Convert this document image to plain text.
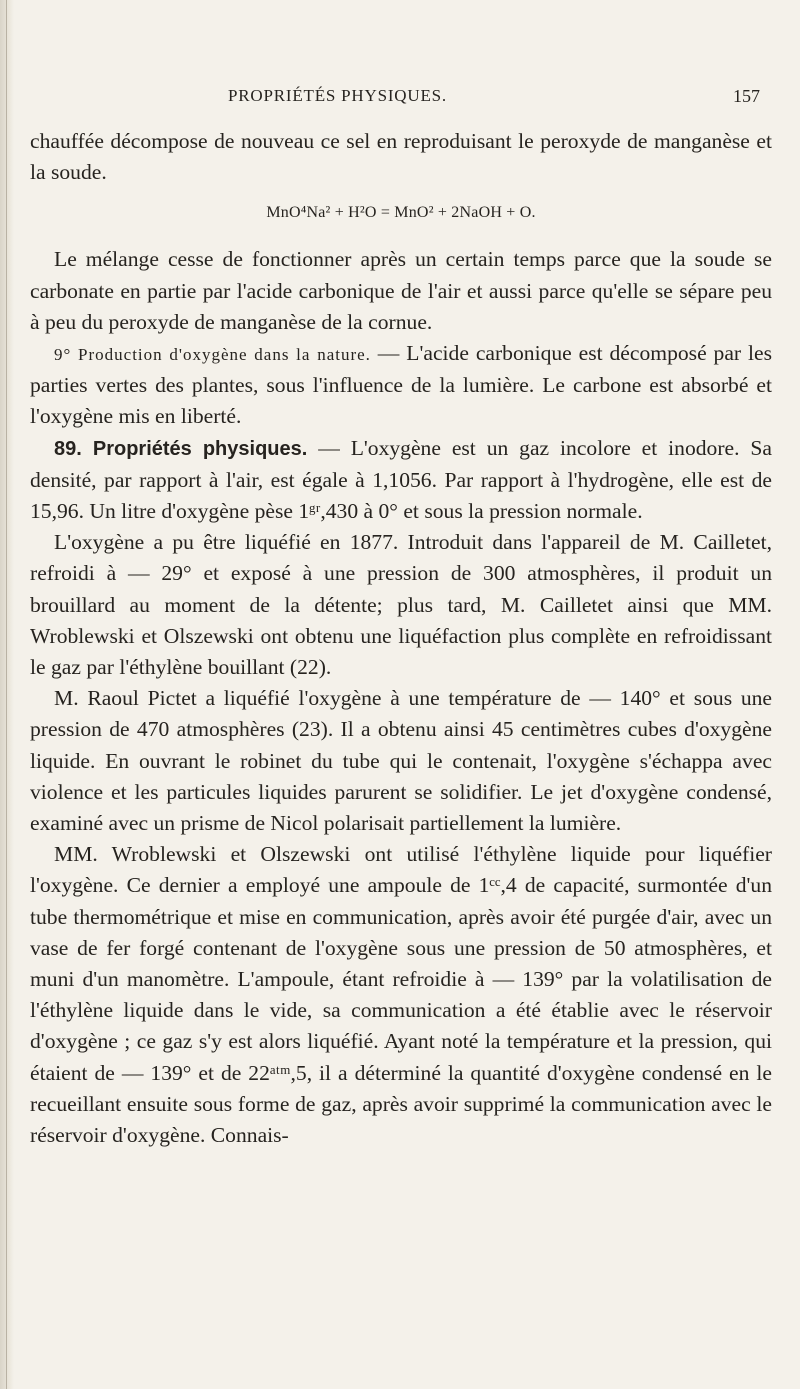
PROPRIÉTÉS PHYSIQUES.	157

chauffée décompose de nouveau ce sel en reproduisant le peroxyde de manganèse et la soude.

MnO⁴Na² + H²O = MnO² + 2NaOH + O.

Le mélange cesse de fonctionner après un certain temps parce que la soude se carbonate en partie par l'acide carbonique de l'air et aussi parce qu'elle se sépare peu à peu du peroxyde de manganèse de la cornue.

9° Production d'oxygène dans la nature. — L'acide carbonique est décomposé par les parties vertes des plantes, sous l'influence de la lumière. Le carbone est absorbé et l'oxygène mis en liberté.

89. Propriétés physiques. — L'oxygène est un gaz incolore et inodore. Sa densité, par rapport à l'air, est égale à 1,1056. Par rapport à l'hydrogène, elle est de 15,96. Un litre d'oxygène pèse 1ᵍʳ,430 à 0° et sous la pression normale.

L'oxygène a pu être liquéfié en 1877. Introduit dans l'appareil de M. Cailletet, refroidi à — 29° et exposé à une pression de 300 atmosphères, il produit un brouillard au moment de la détente; plus tard, M. Cailletet ainsi que MM. Wroblewski et Olszewski ont obtenu une liquéfaction plus complète en refroidissant le gaz par l'éthylène bouillant (22).

M. Raoul Pictet a liquéfié l'oxygène à une température de — 140° et sous une pression de 470 atmosphères (23). Il a obtenu ainsi 45 centimètres cubes d'oxygène liquide. En ouvrant le robinet du tube qui le contenait, l'oxygène s'échappa avec violence et les particules liquides parurent se solidifier. Le jet d'oxygène condensé, examiné avec un prisme de Nicol polarisait partiellement la lumière.

MM. Wroblewski et Olszewski ont utilisé l'éthylène liquide pour liquéfier l'oxygène. Ce dernier a employé une ampoule de 1ᶜᶜ,4 de capacité, surmontée d'un tube thermométrique et mise en communication, après avoir été purgée d'air, avec un vase de fer forgé contenant de l'oxygène sous une pression de 50 atmosphères, et muni d'un manomètre. L'ampoule, étant refroidie à — 139° par la volatilisation de l'éthylène liquide dans le vide, sa communication a été établie avec le réservoir d'oxygène ; ce gaz s'y est alors liquéfié. Ayant noté la température et la pression, qui étaient de — 139° et de 22ᵃᵗᵐ,5, il a déterminé la quantité d'oxygène condensé en le recueillant ensuite sous forme de gaz, après avoir supprimé la communication avec le réservoir d'oxygène. Connais-
